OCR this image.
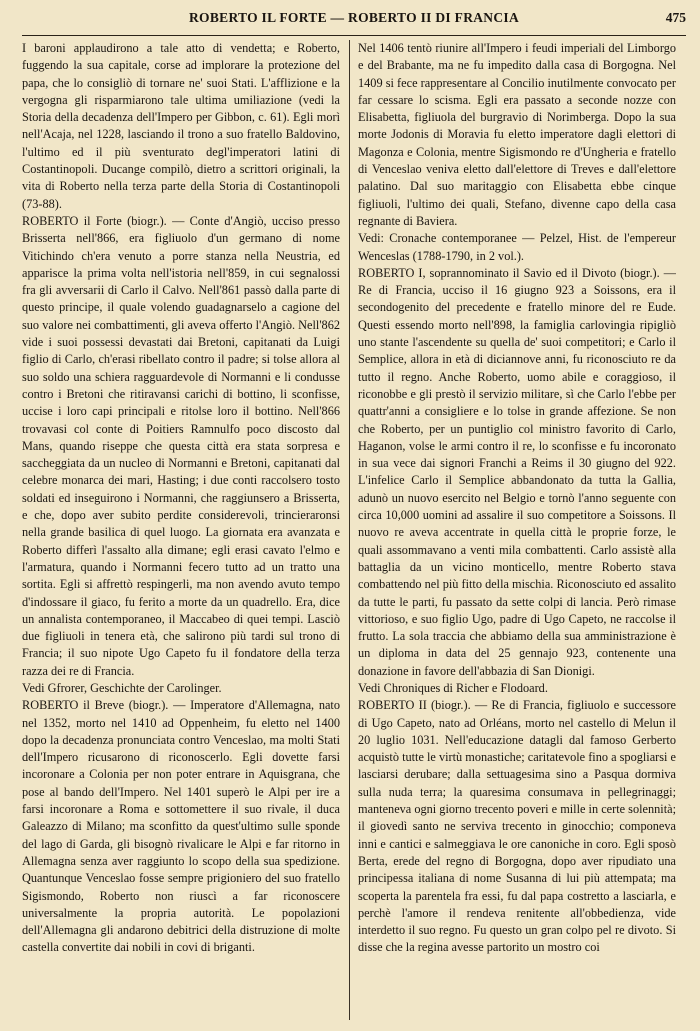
ROBERTO IL FORTE — ROBERTO II DI FRANCIA	475

I baroni applaudirono a tale atto di vendetta; e Roberto, fuggendo la sua capitale, corse ad implorare la protezione del papa, che lo consigliò di tornare ne' suoi Stati. L'afflizione e la vergogna gli risparmiarono tale ultima umiliazione (vedi la Storia della decadenza dell'Impero per Gibbon, c. 61). Egli morì nell'Acaja, nel 1228, lasciando il trono a suo fratello Baldovino, l'ultimo ed il più sventurato degl'imperatori latini di Costantinopoli. Ducange compilò, dietro a scrittori originali, la vita di Roberto nella terza parte della Storia di Costantinopoli (73-88).

ROBERTO il Forte (biogr.). — Conte d'Angiò, ucciso presso Brisserta nell'866, era figliuolo d'un germano di nome Vitichindo ch'era venuto a porre stanza nella Neustria, ed apparisce la prima volta nell'istoria nell'859, in cui segnalossi fra gli avversarii di Carlo il Calvo. Nell'861 passò dalla parte di questo principe, il quale volendo guadagnarselo a cagione del suo valore nei combattimenti, gli aveva offerto l'Angiò. Nell'862 vide i suoi possessi devastati dai Bretoni, capitanati da Luigi figlio di Carlo, ch'erasi ribellato contro il padre; si tolse allora al suo soldo una schiera ragguardevole di Normanni e li condusse contro i Bretoni che ritiravansi carichi di bottino, li sconfisse, uccise i loro capi principali e ritolse loro il bottino. Nell'866 trovavasi col conte di Poitiers Ramnulfo poco discosto dal Mans, quando riseppe che questa città era stata sorpresa e saccheggiata da un nucleo di Normanni e Bretoni, capitanati dal celebre monarca dei mari, Hasting; i due conti raccolsero tosto soldati ed inseguirono i Normanni, che raggiunsero a Brisserta, e che, dopo aver subito perdite considerevoli, trincieraronsi nella grande basilica di quel luogo. La giornata era avanzata e Roberto differì l'assalto alla dimane; egli erasi cavato l'elmo e l'armatura, quando i Normanni fecero tutto ad un tratto una sortita. Egli si affrettò respingerli, ma non avendo avuto tempo d'indossare il giaco, fu ferito a morte da un quadrello. Era, dice un annalista contemporaneo, il Maccabeo di quei tempi. Lasciò due figliuoli in tenera età, che salirono più tardi sul trono di Francia; il suo nipote Ugo Capeto fu il fondatore della terza razza dei re di Francia.

Vedi Gfrorer, Geschichte der Carolinger.

ROBERTO il Breve (biogr.). — Imperatore d'Allemagna, nato nel 1352, morto nel 1410 ad Oppenheim, fu eletto nel 1400 dopo la decadenza pronunciata contro Venceslao, ma molti Stati dell'Impero ricusarono di riconoscerlo. Egli dovette farsi incoronare a Colonia per non poter entrare in Aquisgrana, che pose al bando dell'Impero. Nel 1401 superò le Alpi per ire a farsi incoronare a Roma e sottomettere il suo rivale, il duca Galeazzo di Milano; ma sconfitto da quest'ultimo sulle sponde del lago di Garda, gli bisognò rivalicare le Alpi e far ritorno in Allemagna senza aver raggiunto lo scopo della sua spedizione. Quantunque Venceslao fosse sempre prigioniero del suo fratello Sigismondo, Roberto non riuscì a far riconoscere universalmente la propria autorità. Le popolazioni dell'Allemagna gli andarono debitrici della distruzione di molte castella convertite dai nobili in covi di briganti.

Nel 1406 tentò riunire all'Impero i feudi imperiali del Limborgo e del Brabante, ma ne fu impedito dalla casa di Borgogna. Nel 1409 si fece rappresentare al Concilio inutilmente convocato per far cessare lo scisma. Egli era passato a seconde nozze con Elisabetta, figliuola del burgravio di Norimberga. Dopo la sua morte Jodonis di Moravia fu eletto imperatore dagli elettori di Magonza e Colonia, mentre Sigismondo re d'Ungheria e fratello di Venceslao veniva eletto dall'elettore di Treves e dall'elettore palatino. Dal suo maritaggio con Elisabetta ebbe cinque figliuoli, l'ultimo dei quali, Stefano, divenne capo della casa regnante di Baviera.

Vedi: Cronache contemporanee — Pelzel, Hist. de l'empereur Wenceslas (1788-1790, in 2 vol.).

ROBERTO I, soprannominato il Savio ed il Divoto (biogr.). — Re di Francia, ucciso il 16 giugno 923 a Soissons, era il secondogenito del precedente e fratello minore del re Eude. Questi essendo morto nell'898, la famiglia carlovingia ripigliò uno stante l'ascendente su quella de' suoi competitori; e Carlo il Semplice, allora in età di diciannove anni, fu riconosciuto re da tutto il regno. Anche Roberto, uomo abile e coraggioso, il riconobbe e gli prestò il servizio militare, sì che Carlo l'ebbe per quattr'anni a consigliere e lo tolse in grande affezione. Se non che Roberto, per un puntiglio col ministro favorito di Carlo, Haganon, volse le armi contro il re, lo sconfisse e fu incoronato in sua vece dai signori Franchi a Reims il 30 giugno del 922. L'infelice Carlo il Semplice abbandonato da tutta la Gallia, adunò un nuovo esercito nel Belgio e tornò l'anno seguente con circa 10,000 uomini ad assalire il suo competitore a Soissons. Il nuovo re aveva accentrate in quella città le proprie forze, le quali assommavano a venti mila combattenti. Carlo assistè alla battaglia da un vicino monticello, mentre Roberto stava combattendo nel più fitto della mischia. Riconosciuto ed assalito da tutte le parti, fu passato da sette colpi di lancia. Però rimase vittorioso, e suo figlio Ugo, padre di Ugo Capeto, ne raccolse il frutto. La sola traccia che abbiamo della sua amministrazione è un diploma in data del 25 gennajo 923, contenente una donazione in favore dell'abbazia di San Dionigi.

Vedi Chroniques di Richer e Flodoard.

ROBERTO II (biogr.). — Re di Francia, figliuolo e successore di Ugo Capeto, nato ad Orléans, morto nel castello di Melun il 20 luglio 1031. Nell'educazione datagli dal famoso Gerberto acquistò tutte le virtù monastiche; caritatevole fino a spogliarsi e lasciarsi derubare; dalla settuagesima sino a Pasqua dormiva sulla nuda terra; la quaresima consumava in pellegrinaggi; manteneva ogni giorno trecento poveri e mille in certe solennità; il giovedì santo ne serviva trecento in ginocchio; componeva inni e cantici e salmeggiava le ore canoniche in coro. Egli sposò Berta, erede del regno di Borgogna, dopo aver ripudiato una principessa italiana di nome Susanna di lui più attempata; ma scoperta la parentela fra essi, fu dal papa costretto a lasciarla, e perchè l'amore il rendeva renitente all'obbedienza, vide interdetto il suo regno. Fu questo un gran colpo pel re divoto. Si disse che la regina avesse partorito un mostro coi
